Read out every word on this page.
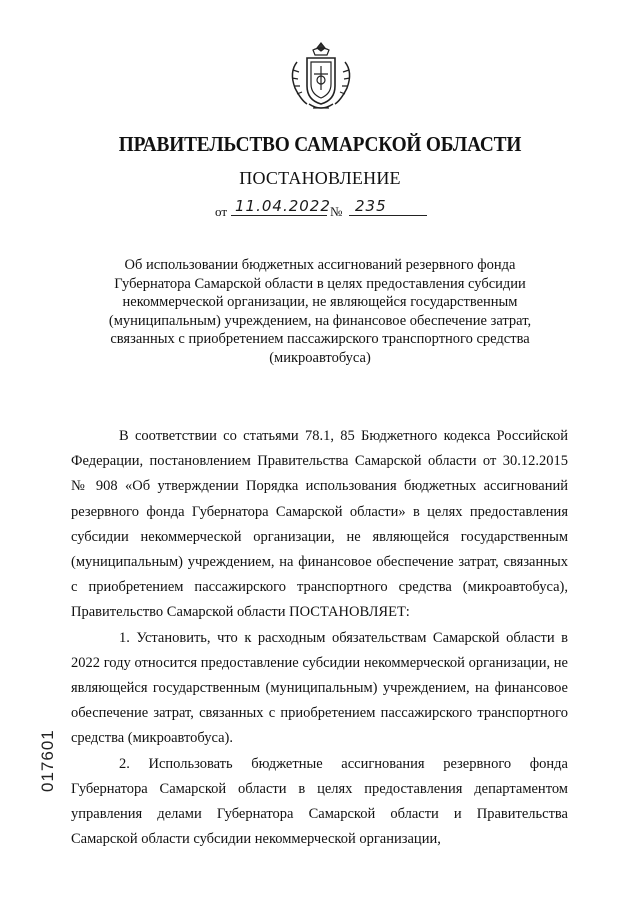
ПРАВИТЕЛЬСТВО САМАРСКОЙ ОБЛАСТИ
ПОСТАНОВЛЕНИЕ
от 11.04.2022 № 235
Об использовании бюджетных ассигнований резервного фонда Губернатора Самарской области в целях предоставления субсидии некоммерческой организации, не являющейся государственным (муниципальным) учреждением, на финансовое обеспечение затрат, связанных с приобретением пассажирского транспортного средства (микроавтобуса)

В соответствии со статьями 78.1, 85 Бюджетного кодекса Российской Федерации, постановлением Правительства Самарской области от 30.12.2015 № 908 «Об утверждении Порядка использования бюджетных ассигнований резервного фонда Губернатора Самарской области» в целях предоставления субсидии некоммерческой организации, не являющейся государственным (муниципальным) учреждением, на финансовое обеспечение затрат, связанных с приобретением пассажирского транспортного средства (микроавтобуса), Правительство Самарской области ПОСТАНОВЛЯЕТ:

1. Установить, что к расходным обязательствам Самарской области в 2022 году относится предоставление субсидии некоммерческой организации, не являющейся государственным (муниципальным) учреждением, на финансовое обеспечение затрат, связанных с приобретением пассажирского транспортного средства (микроавтобуса).

2. Использовать бюджетные ассигнования резервного фонда Губернатора Самарской области в целях предоставления департаментом управления делами Губернатора Самарской области и Правительства Самарской области субсидии некоммерческой организации,

017601
